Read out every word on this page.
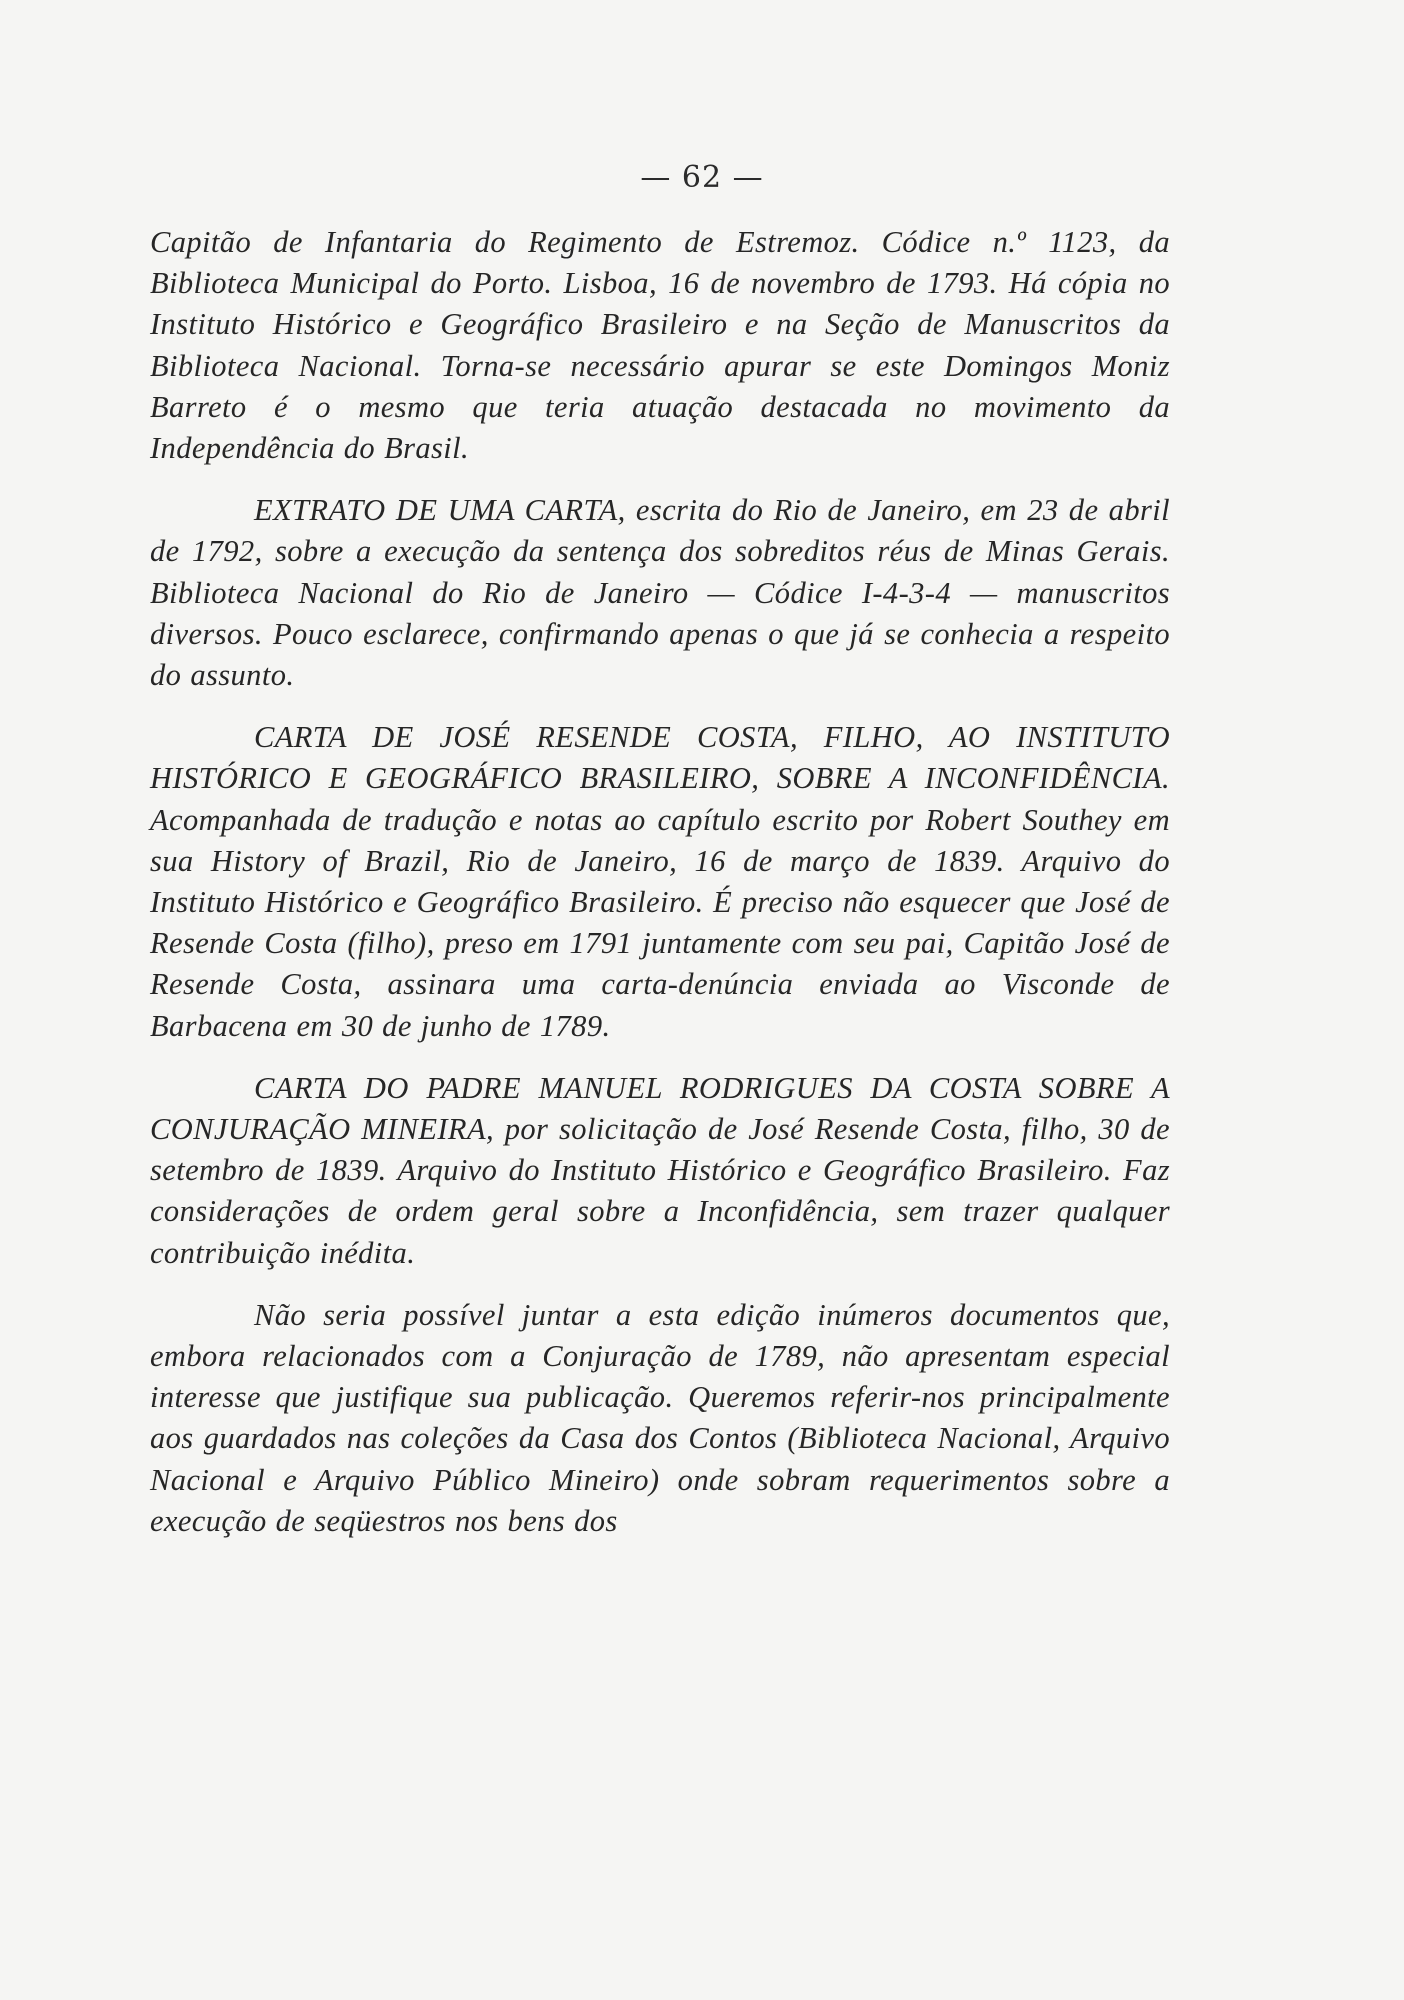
— 62 —

Capitão de Infantaria do Regimento de Estremoz. Códice n.º 1123, da Biblioteca Municipal do Porto. Lisboa, 16 de novembro de 1793. Há cópia no Instituto Histórico e Geográfico Brasileiro e na Seção de Manuscritos da Biblioteca Nacional. Torna-se necessário apurar se este Domingos Moniz Barreto é o mesmo que teria atuação destacada no movimento da Independência do Brasil.

EXTRATO DE UMA CARTA, escrita do Rio de Janeiro, em 23 de abril de 1792, sobre a execução da sentença dos sobreditos réus de Minas Gerais. Biblioteca Nacional do Rio de Janeiro — Códice I-4-3-4 — manuscritos diversos. Pouco esclarece, confirmando apenas o que já se conhecia a respeito do assunto.

CARTA DE JOSÉ RESENDE COSTA, FILHO, AO INSTITUTO HISTÓRICO E GEOGRÁFICO BRASILEIRO, SOBRE A INCONFIDÊNCIA. Acompanhada de tradução e notas ao capítulo escrito por Robert Southey em sua History of Brazil, Rio de Janeiro, 16 de março de 1839. Arquivo do Instituto Histórico e Geográfico Brasileiro. É preciso não esquecer que José de Resende Costa (filho), preso em 1791 juntamente com seu pai, Capitão José de Resende Costa, assinara uma carta-denúncia enviada ao Visconde de Barbacena em 30 de junho de 1789.

CARTA DO PADRE MANUEL RODRIGUES DA COSTA SOBRE A CONJURAÇÃO MINEIRA, por solicitação de José Resende Costa, filho, 30 de setembro de 1839. Arquivo do Instituto Histórico e Geográfico Brasileiro. Faz considerações de ordem geral sobre a Inconfidência, sem trazer qualquer contribuição inédita.

Não seria possível juntar a esta edição inúmeros documentos que, embora relacionados com a Conjuração de 1789, não apresentam especial interesse que justifique sua publicação. Queremos referir-nos principalmente aos guardados nas coleções da Casa dos Contos (Biblioteca Nacional, Arquivo Nacional e Arquivo Público Mineiro) onde sobram requerimentos sobre a execução de seqüestros nos bens dos
